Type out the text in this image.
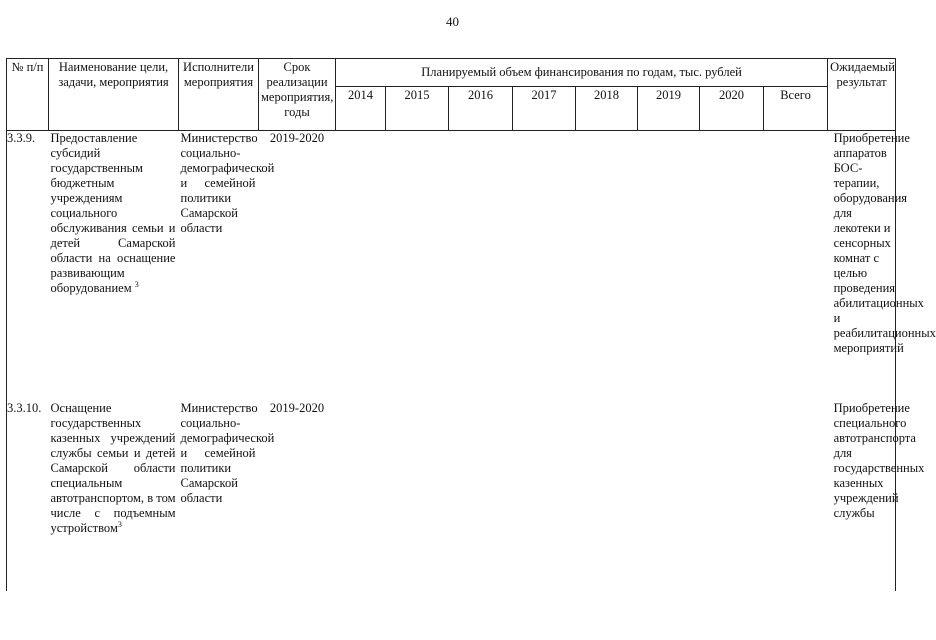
40
№ п/п	Наименование цели, задачи, мероприятия	Исполнители мероприятия	Срок реализации мероприятия, годы	Планируемый объем финансирования по годам, тыс. рублей								Ожидаемый результат
				2014	2015	2016	2017	2018	2019	2020	Всего	

3.3.9.	Предоставление субсидий государственным бюджетным учреждениям социального обслуживания семьи и детей Самарской области на оснащение развивающим оборудованием $^3$	Министерство социально-демографической и семейной политики Самарской области	2019-2020									Приобретение аппаратов БОС-терапии, оборудования для лекотеки и сенсорных комнат с целью проведения абилитационных и реабилитационных мероприятий

3.3.10.	Оснащение государственных казенных учреждений службы семьи и детей Самарской области специальным автотранспортом, в том числе с подъемным устройством$^3$	Министерство социально-демографической и семейной политики Самарской области	2019-2020									Приобретение специального автотранспорта для государственных казенных учреждений службы
